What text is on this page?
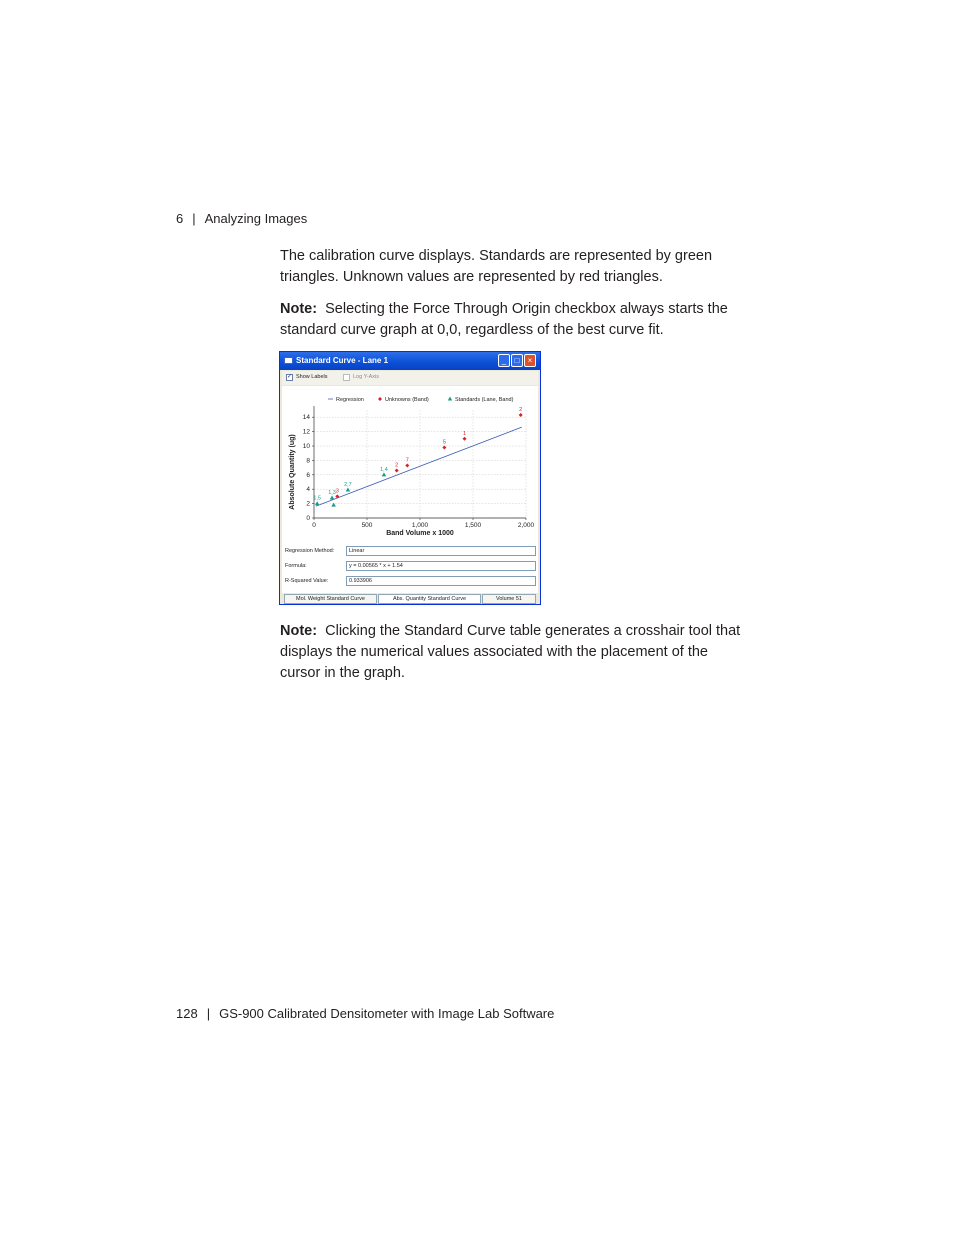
6 | Analyzing Images
The calibration curve displays. Standards are represented by green triangles. Unknown values are represented by red triangles.
Note: Selecting the Force Through Origin checkbox always starts the standard curve graph at 0,0, regardless of the best curve fit.
Standard Curve - Lane 1	_	□	×
✓ Show Labels	Log Y-Axis
0
2
4
6
8
10
12
14
0	500	1,000	1,500	2,000
Band Volume x 1000
Absolute Quantity (ug)
Regression	Unknowns (Band)	Standards (Lane, Band)
3
2
7
5
1
2
1,5
1,3
2,7
1,4
Regression Method:	Linear
Formula:	y = 0.00565 * x + 1.54
R-Squared Value:	0.933906
Mol. Weight Standard Curve	Abs. Quantity Standard Curve	Volume 51
Note: Clicking the Standard Curve table generates a crosshair tool that displays the numerical values associated with the placement of the cursor in the graph.
128 | GS-900 Calibrated Densitometer with Image Lab Software
